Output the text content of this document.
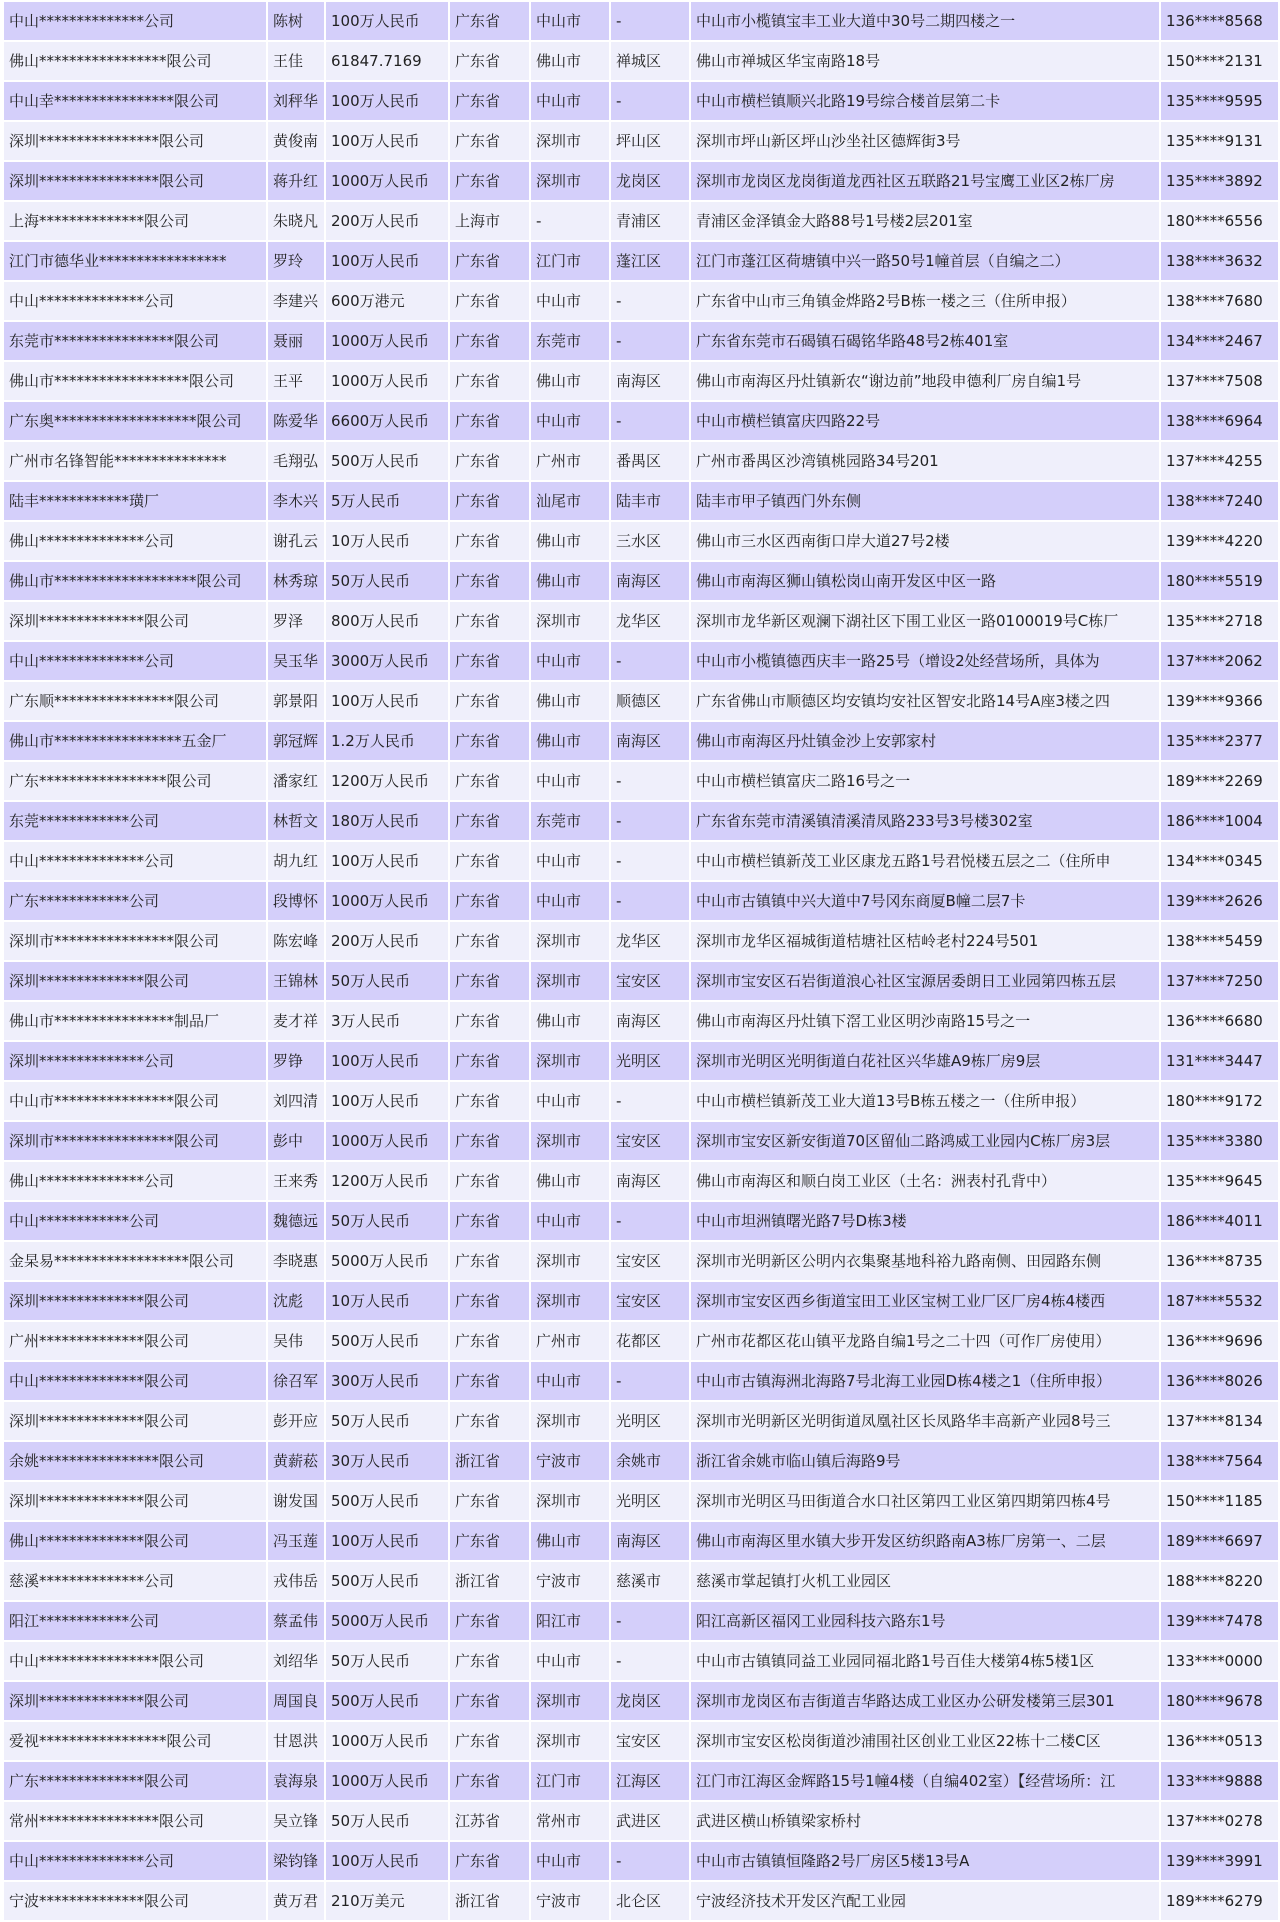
中山**************公司	陈树	100万人民币	广东省	中山市	-	中山市小榄镇宝丰工业大道中30号二期四楼之一	136****8568
佛山*****************限公司	王佳	61847.7169	广东省	佛山市	禅城区	佛山市禅城区华宝南路18号	150****2131
中山幸****************限公司	刘秤华	100万人民币	广东省	中山市	-	中山市横栏镇顺兴北路19号综合楼首层第二卡	135****9595
深圳****************限公司	黄俊南	100万人民币	广东省	深圳市	坪山区	深圳市坪山新区坪山沙坐社区德辉街3号	135****9131
深圳****************限公司	蒋升红	1000万人民币	广东省	深圳市	龙岗区	深圳市龙岗区龙岗街道龙西社区五联路21号宝鹰工业区2栋厂房	135****3892
上海**************限公司	朱晓凡	200万人民币	上海市	-	青浦区	青浦区金泽镇金大路88号1号楼2层201室	180****6556
江门市德华业*****************	罗玲	100万人民币	广东省	江门市	蓬江区	江门市蓬江区荷塘镇中兴一路50号1幢首层（自编之二）	138****3632
中山**************公司	李建兴	600万港元	广东省	中山市	-	广东省中山市三角镇金烨路2号B栋一楼之三（住所申报）	138****7680
东莞市****************限公司	聂丽	1000万人民币	广东省	东莞市	-	广东省东莞市石碣镇石碣铭华路48号2栋401室	134****2467
佛山市******************限公司	王平	1000万人民币	广东省	佛山市	南海区	佛山市南海区丹灶镇新农“谢边前”地段申德利厂房自编1号	137****7508
广东奥*******************限公司	陈爱华	6600万人民币	广东省	中山市	-	中山市横栏镇富庆四路22号	138****6964
广州市名锋智能***************	毛翔弘	500万人民币	广东省	广州市	番禺区	广州市番禺区沙湾镇桃园路34号201	137****4255
陆丰************璜厂	李木兴	5万人民币	广东省	汕尾市	陆丰市	陆丰市甲子镇西门外东侧	138****7240
佛山**************公司	谢孔云	10万人民币	广东省	佛山市	三水区	佛山市三水区西南街口岸大道27号2楼	139****4220
佛山市*******************限公司	林秀琼	50万人民币	广东省	佛山市	南海区	佛山市南海区狮山镇松岗山南开发区中区一路	180****5519
深圳**************限公司	罗泽	800万人民币	广东省	深圳市	龙华区	深圳市龙华新区观澜下湖社区下围工业区一路0100019号C栋厂	135****2718
中山**************公司	吴玉华	3000万人民币	广东省	中山市	-	中山市小榄镇德西庆丰一路25号（增设2处经营场所，具体为	137****2062
广东顺****************限公司	郭景阳	100万人民币	广东省	佛山市	顺德区	广东省佛山市顺德区均安镇均安社区智安北路14号A座3楼之四	139****9366
佛山市*****************五金厂	郭冠辉	1.2万人民币	广东省	佛山市	南海区	佛山市南海区丹灶镇金沙上安郭家村	135****2377
广东*****************限公司	潘家红	1200万人民币	广东省	中山市	-	中山市横栏镇富庆二路16号之一	189****2269
东莞************公司	林哲文	180万人民币	广东省	东莞市	-	广东省东莞市清溪镇清溪清凤路233号3号楼302室	186****1004
中山**************公司	胡九红	100万人民币	广东省	中山市	-	中山市横栏镇新茂工业区康龙五路1号君悦楼五层之二（住所申	134****0345
广东************公司	段博怀	1000万人民币	广东省	中山市	-	中山市古镇镇中兴大道中7号冈东商厦B幢二层7卡	139****2626
深圳市****************限公司	陈宏峰	200万人民币	广东省	深圳市	龙华区	深圳市龙华区福城街道桔塘社区桔岭老村224号501	138****5459
深圳**************限公司	王锦林	50万人民币	广东省	深圳市	宝安区	深圳市宝安区石岩街道浪心社区宝源居委朗日工业园第四栋五层	137****7250
佛山市****************制品厂	麦才祥	3万人民币	广东省	佛山市	南海区	佛山市南海区丹灶镇下滘工业区明沙南路15号之一	136****6680
深圳**************公司	罗铮	100万人民币	广东省	深圳市	光明区	深圳市光明区光明街道白花社区兴华雄A9栋厂房9层	131****3447
中山市****************限公司	刘四清	100万人民币	广东省	中山市	-	中山市横栏镇新茂工业大道13号B栋五楼之一（住所申报）	180****9172
深圳市****************限公司	彭中	1000万人民币	广东省	深圳市	宝安区	深圳市宝安区新安街道70区留仙二路鸿威工业园内C栋厂房3层	135****3380
佛山**************公司	王来秀	1200万人民币	广东省	佛山市	南海区	佛山市南海区和顺白岗工业区（土名：洲表村孔背中）	135****9645
中山************公司	魏德远	50万人民币	广东省	中山市	-	中山市坦洲镇曙光路7号D栋3楼	186****4011
金杲易******************限公司	李晓惠	5000万人民币	广东省	深圳市	宝安区	深圳市光明新区公明内衣集聚基地科裕九路南侧、田园路东侧	136****8735
深圳**************限公司	沈彪	10万人民币	广东省	深圳市	宝安区	深圳市宝安区西乡街道宝田工业区宝树工业厂区厂房4栋4楼西	187****5532
广州**************限公司	吴伟	500万人民币	广东省	广州市	花都区	广州市花都区花山镇平龙路自编1号之二十四（可作厂房使用）	136****9696
中山**************限公司	徐召军	300万人民币	广东省	中山市	-	中山市古镇海洲北海路7号北海工业园D栋4楼之1（住所申报）	136****8026
深圳**************限公司	彭开应	50万人民币	广东省	深圳市	光明区	深圳市光明新区光明街道凤凰社区长凤路华丰高新产业园8号三	137****8134
余姚****************限公司	黄薪菘	30万人民币	浙江省	宁波市	余姚市	浙江省余姚市临山镇后海路9号	138****7564
深圳**************限公司	谢发国	500万人民币	广东省	深圳市	光明区	深圳市光明区马田街道合水口社区第四工业区第四期第四栋4号	150****1185
佛山**************限公司	冯玉莲	100万人民币	广东省	佛山市	南海区	佛山市南海区里水镇大步开发区纺织路南A3栋厂房第一、二层	189****6697
慈溪**************公司	戎伟岳	500万人民币	浙江省	宁波市	慈溪市	慈溪市掌起镇打火机工业园区	188****8220
阳江************公司	蔡孟伟	5000万人民币	广东省	阳江市	-	阳江高新区福冈工业园科技六路东1号	139****7478
中山****************限公司	刘绍华	50万人民币	广东省	中山市	-	中山市古镇镇同益工业园同福北路1号百佳大楼第4栋5楼1区	133****0000
深圳**************限公司	周国良	500万人民币	广东省	深圳市	龙岗区	深圳市龙岗区布吉街道吉华路达成工业区办公研发楼第三层301	180****9678
爱视*****************限公司	甘恩洪	1000万人民币	广东省	深圳市	宝安区	深圳市宝安区松岗街道沙浦围社区创业工业区22栋十二楼C区	136****0513
广东**************限公司	袁海泉	1000万人民币	广东省	江门市	江海区	江门市江海区金辉路15号1幢4楼（自编402室）【经营场所：江	133****9888
常州****************限公司	吴立锋	50万人民币	江苏省	常州市	武进区	武进区横山桥镇梁家桥村	137****0278
中山**************公司	梁钧锋	100万人民币	广东省	中山市	-	中山市古镇镇恒隆路2号厂房区5楼13号A	139****3991
宁波**************限公司	黄万君	210万美元	浙江省	宁波市	北仑区	宁波经济技术开发区汽配工业园	189****6279
